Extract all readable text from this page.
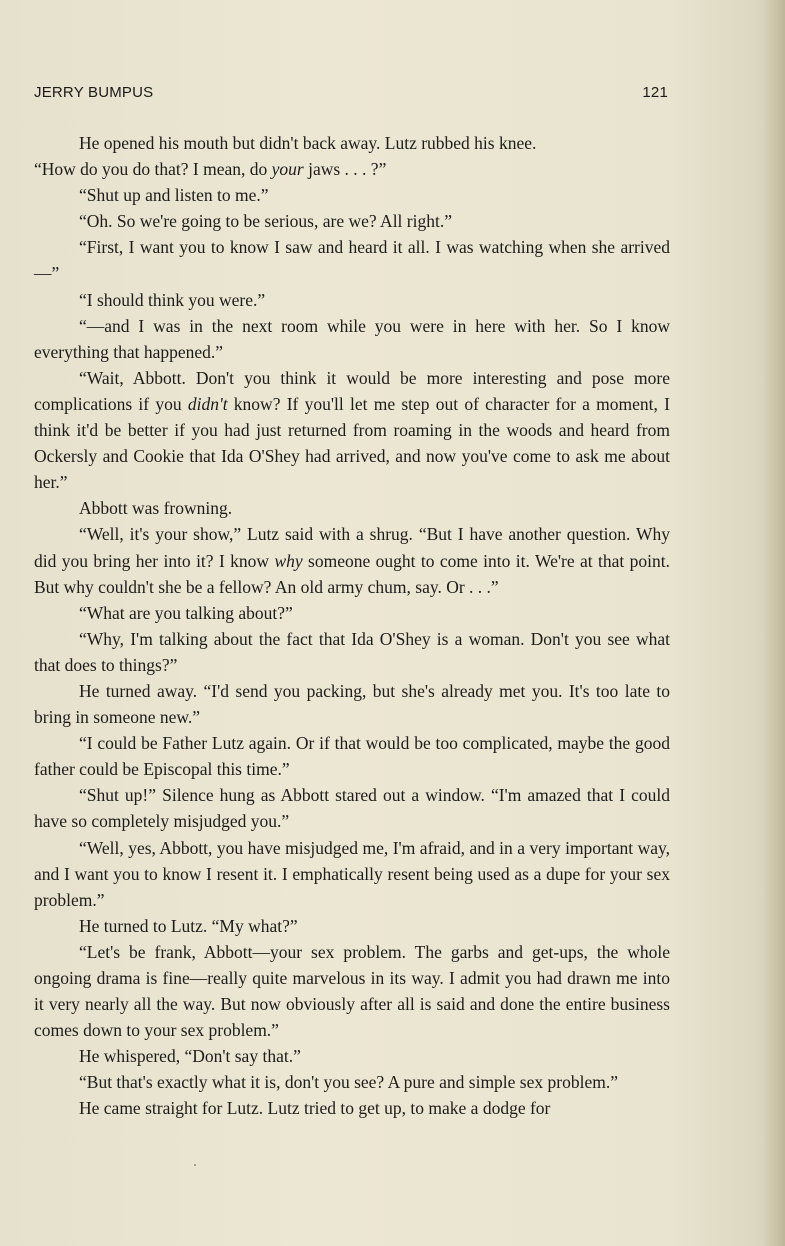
JERRY BUMPUS	121

He opened his mouth but didn't back away. Lutz rubbed his knee.

“How do you do that? I mean, do your jaws . . . ?”

“Shut up and listen to me.”

“Oh. So we're going to be serious, are we? All right.”

“First, I want you to know I saw and heard it all. I was watching when she arrived—”

“I should think you were.”

“—and I was in the next room while you were in here with her. So I know everything that happened.”

“Wait, Abbott. Don't you think it would be more interesting and pose more complications if you didn't know? If you'll let me step out of character for a moment, I think it'd be better if you had just returned from roaming in the woods and heard from Ockersly and Cookie that Ida O'Shey had arrived, and now you've come to ask me about her.”

Abbott was frowning.

“Well, it's your show,” Lutz said with a shrug. “But I have another question. Why did you bring her into it? I know why someone ought to come into it. We're at that point. But why couldn't she be a fellow? An old army chum, say. Or . . .”

“What are you talking about?”

“Why, I'm talking about the fact that Ida O'Shey is a woman. Don't you see what that does to things?”

He turned away. “I'd send you packing, but she's already met you. It's too late to bring in someone new.”

“I could be Father Lutz again. Or if that would be too complicated, maybe the good father could be Episcopal this time.”

“Shut up!” Silence hung as Abbott stared out a window. “I'm amazed that I could have so completely misjudged you.”

“Well, yes, Abbott, you have misjudged me, I'm afraid, and in a very important way, and I want you to know I resent it. I emphatically resent being used as a dupe for your sex problem.”

He turned to Lutz. “My what?”

“Let's be frank, Abbott—your sex problem. The garbs and get-ups, the whole ongoing drama is fine—really quite marvelous in its way. I admit you had drawn me into it very nearly all the way. But now obviously after all is said and done the entire business comes down to your sex problem.”

He whispered, “Don't say that.”

“But that's exactly what it is, don't you see? A pure and simple sex problem.”

He came straight for Lutz. Lutz tried to get up, to make a dodge for
